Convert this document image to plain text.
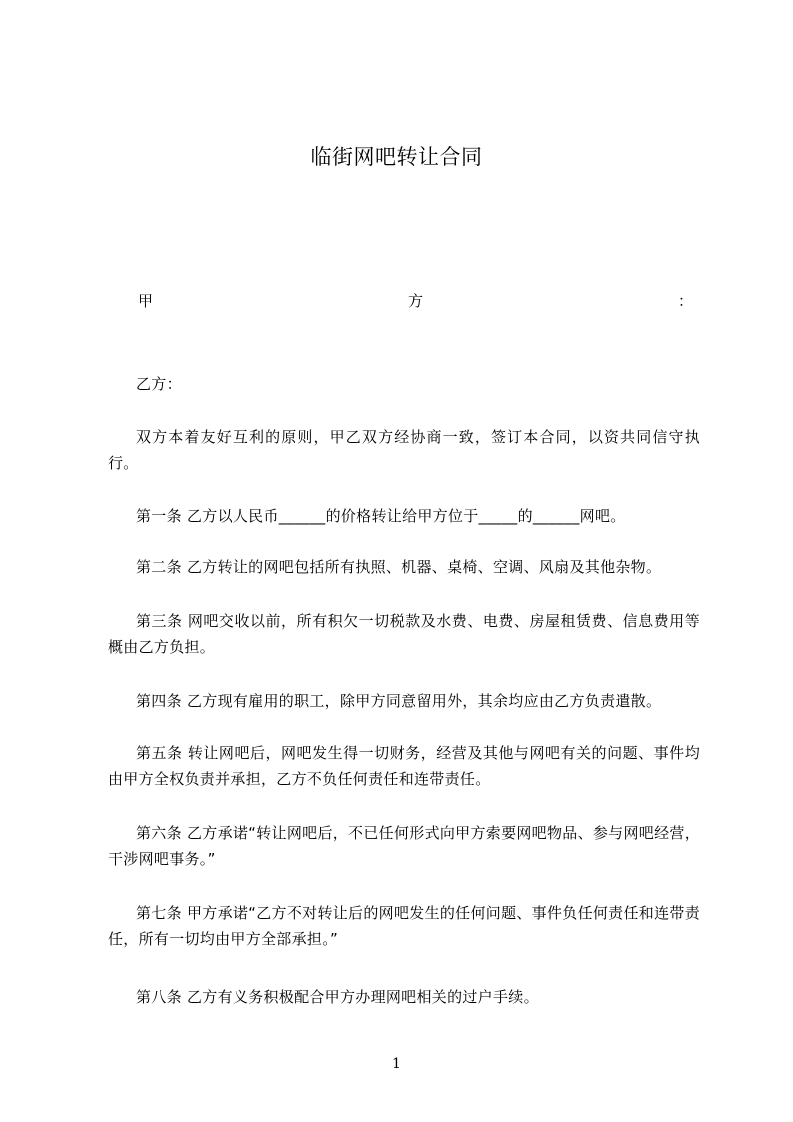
临街网吧转让合同
甲	方	：
乙方：
双方本着友好互利的原则，甲乙双方经协商一致，签订本合同，以资共同信守执行。
第一条 乙方以人民币______的价格转让给甲方位于_____的______网吧。
第二条 乙方转让的网吧包括所有执照、机器、桌椅、空调、风扇及其他杂物。
第三条 网吧交收以前，所有积欠一切税款及水费、电费、房屋租赁费、信息费用等概由乙方负担。
第四条 乙方现有雇用的职工，除甲方同意留用外，其余均应由乙方负责遣散。
第五条 转让网吧后，网吧发生得一切财务，经营及其他与网吧有关的问题、事件均由甲方全权负责并承担，乙方不负任何责任和连带责任。
第六条 乙方承诺“转让网吧后，不已任何形式向甲方索要网吧物品、参与网吧经营，干涉网吧事务。”
第七条 甲方承诺“乙方不对转让后的网吧发生的任何问题、事件负任何责任和连带责任，所有一切均由甲方全部承担。”
第八条 乙方有义务积极配合甲方办理网吧相关的过户手续。
1
